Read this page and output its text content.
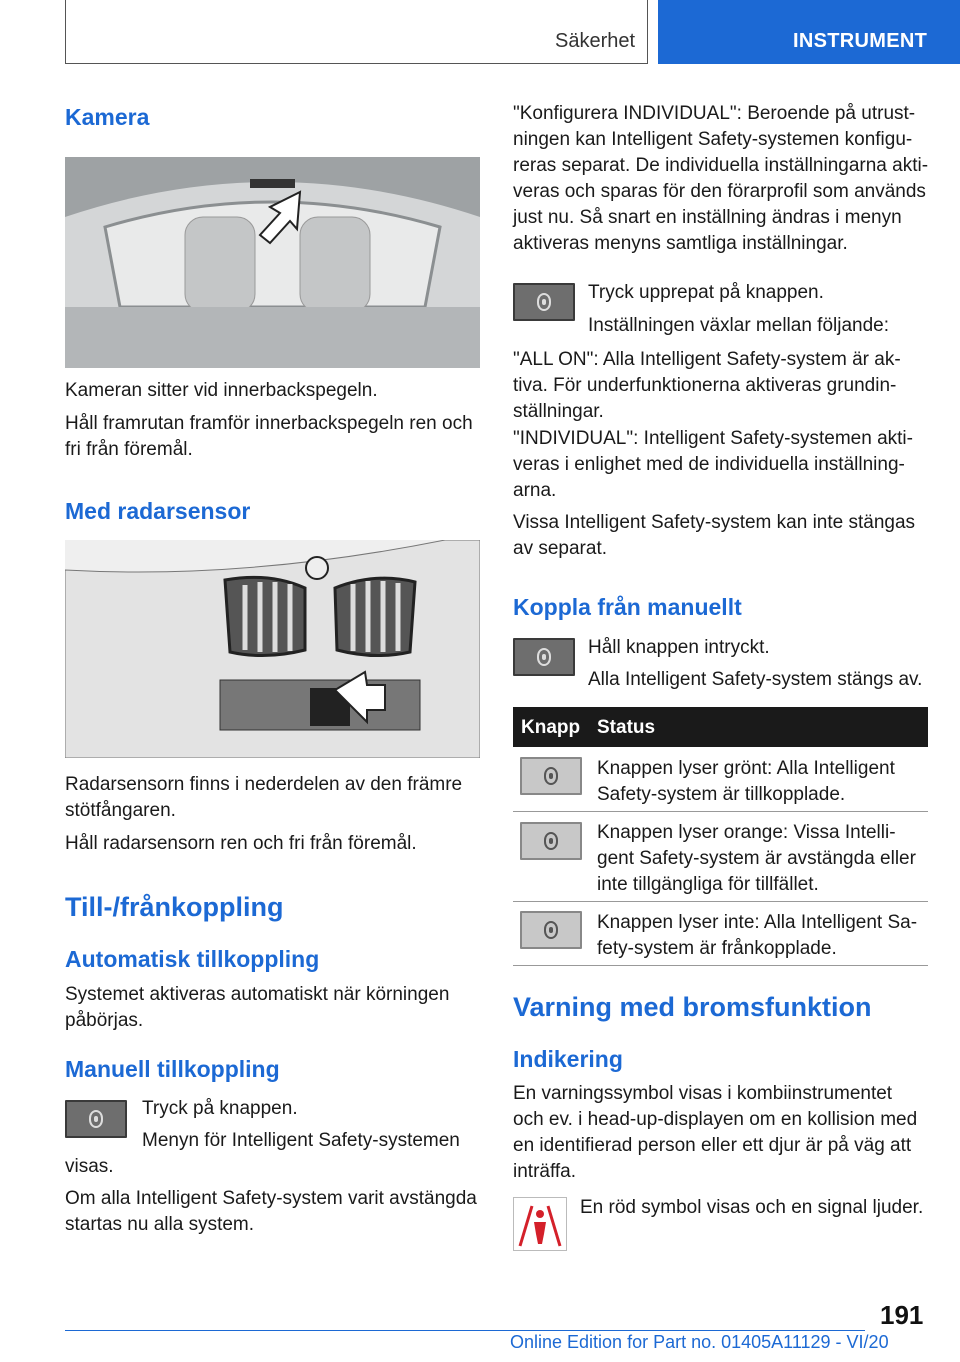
Säkerhet	INSTRUMENT
Kamera

Kameran sitter vid innerbackspegeln.

Håll framrutan framför innerbackspegeln ren och

fri från föremål.

Med radarsensor

Radarsensorn finns i nederdelen av den främre

stötfångaren.

Håll radarsensorn ren och fri från föremål.

Till-/frånkoppling
Automatisk tillkoppling

Systemet aktiveras automatiskt när körningen

påbörjas.

Manuell tillkoppling

Tryck på knappen.

Menyn för Intelligent Safety-systemen

visas.

Om alla Intelligent Safety-system varit avstängda

startas nu alla system.

"Konfigurera INDIVIDUAL": Beroende på utrust-

ningen kan Intelligent Safety-systemen konfigu-

reras separat. De individuella inställningarna akti-

veras och sparas för den förarprofil som används

just nu. Så snart en inställning ändras i menyn

aktiveras menyns samtliga inställningar.

Tryck upprepat på knappen.

Inställningen växlar mellan följande:

"ALL ON": Alla Intelligent Safety-system är ak-

tiva. För underfunktionerna aktiveras grundin-

ställningar.

"INDIVIDUAL": Intelligent Safety-systemen akti-

veras i enlighet med de individuella inställning-

arna.

Vissa Intelligent Safety-system kan inte stängas

av separat.

Koppla från manuellt

Håll knappen intryckt.

Alla Intelligent Safety-system stängs av.

Knapp Status

Knappen lyser grönt: Alla Intelligent

Safety-system är tillkopplade.

Knappen lyser orange: Vissa Intelli-

gent Safety-system är avstängda eller

inte tillgängliga för tillfället.

Knappen lyser inte: Alla Intelligent Sa-

fety-system är frånkopplade.

Varning med bromsfunktion
Indikering

En varningssymbol visas i kombiinstrumentet

och ev. i head-up-displayen om en kollision med

en identifierad person eller ett djur är på väg att

inträffa.

En röd symbol visas och en signal ljuder.

191
Online Edition for Part no. 01405A11129 - VI/20
